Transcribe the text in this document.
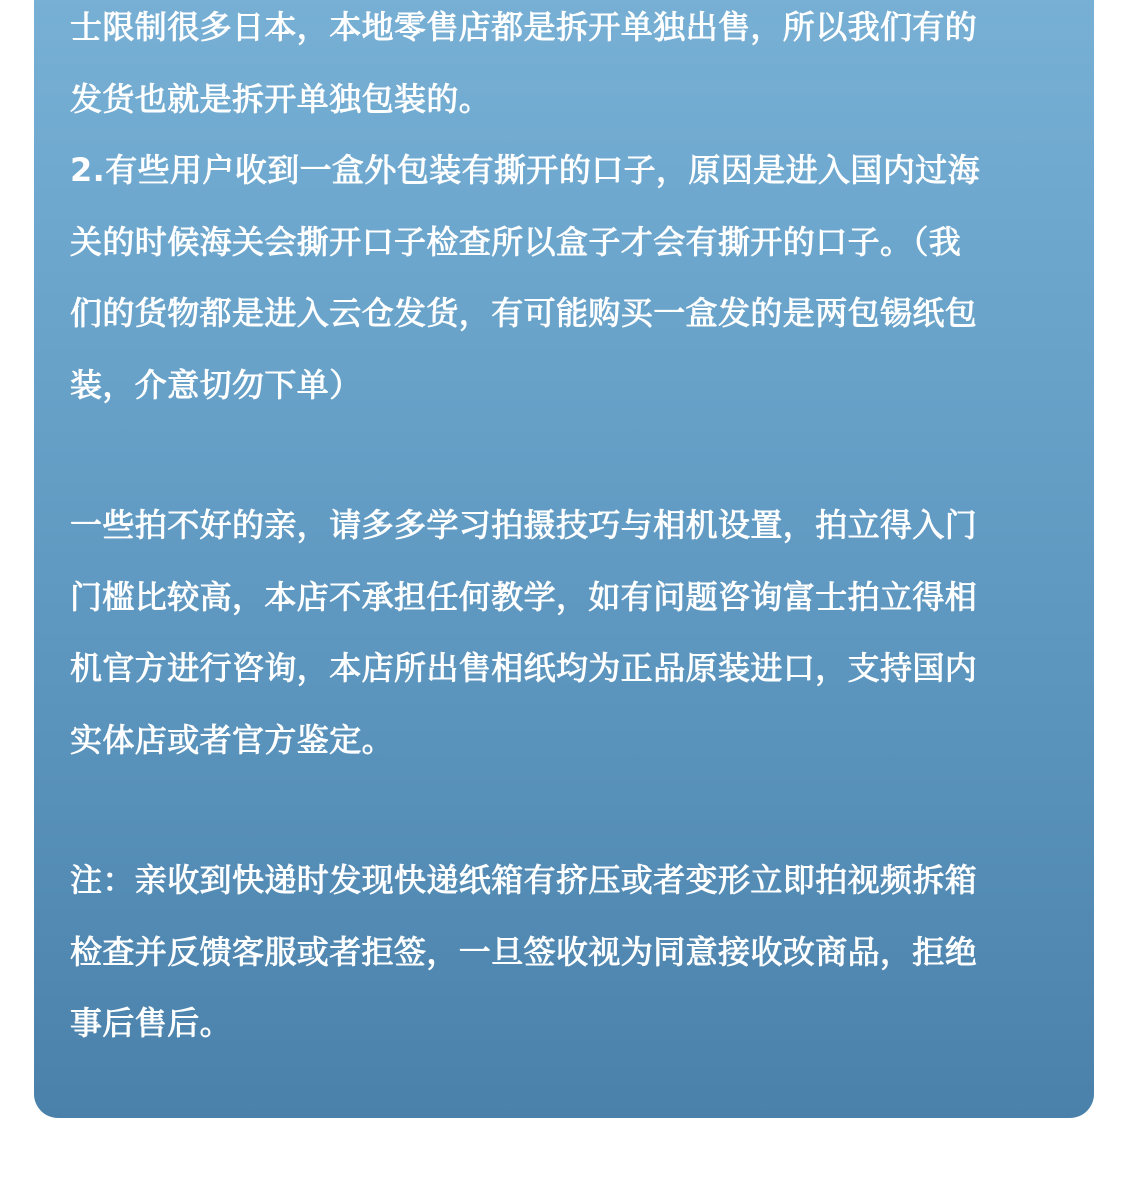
士限制很多日本，本地零售店都是拆开单独出售，所以我们有的
发货也就是拆开单独包装的。
2.有些用户收到一盒外包装有撕开的口子，原因是进入国内过海
关的时候海关会撕开口子检查所以盒子才会有撕开的口子。（我
们的货物都是进入云仓发货，有可能购买一盒发的是两包锡纸包
装，介意切勿下单）
一些拍不好的亲，请多多学习拍摄技巧与相机设置，拍立得入门
门槛比较高，本店不承担任何教学，如有问题咨询富士拍立得相
机官方进行咨询，本店所出售相纸均为正品原装进口，支持国内
实体店或者官方鉴定。
注：亲收到快递时发现快递纸箱有挤压或者变形立即拍视频拆箱
检查并反馈客服或者拒签，一旦签收视为同意接收改商品，拒绝
事后售后。
